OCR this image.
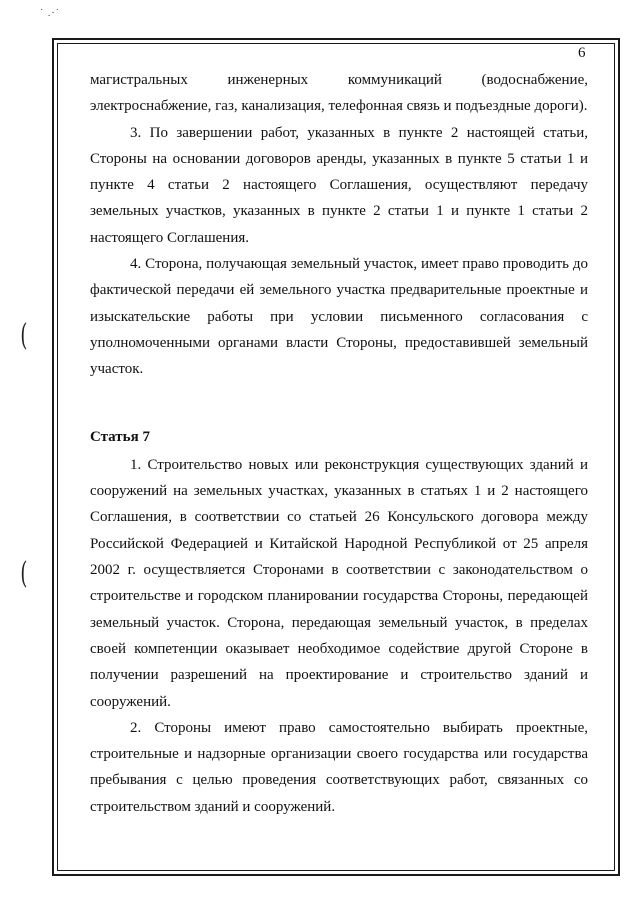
˙ .·˙
6
(
(

магистральных инженерных коммуникаций (водоснабжение, электроснабжение, газ, канализация, телефонная связь и подъездные дороги).

3. По завершении работ, указанных в пункте 2 настоящей статьи, Стороны на основании договоров аренды, указанных в пункте 5 статьи 1 и пункте 4 статьи 2 настоящего Соглашения, осуществляют передачу земельных участков, указанных в пункте 2 статьи 1 и пункте 1 статьи 2 настоящего Соглашения.

4. Сторона, получающая земельный участок, имеет право проводить до фактической передачи ей земельного участка предварительные проектные и изыскательские работы при условии письменного согласования с уполномоченными органами власти Стороны, предоставившей земельный участок.

Статья 7

1. Строительство новых или реконструкция существующих зданий и сооружений на земельных участках, указанных в статьях 1 и 2 настоящего Соглашения, в соответствии со статьей 26 Консульского договора между Российской Федерацией и Китайской Народной Республикой от 25 апреля 2002 г. осуществляется Сторонами в соответствии с законодательством о строительстве и городском планировании государства Стороны, передающей земельный участок. Сторона, передающая земельный участок, в пределах своей компетенции оказывает необходимое содействие другой Стороне в получении разрешений на проектирование и строительство зданий и сооружений.

2. Стороны имеют право самостоятельно выбирать проектные, строительные и надзорные организации своего государства или государства пребывания с целью проведения соответствующих работ, связанных со строительством зданий и сооружений.
